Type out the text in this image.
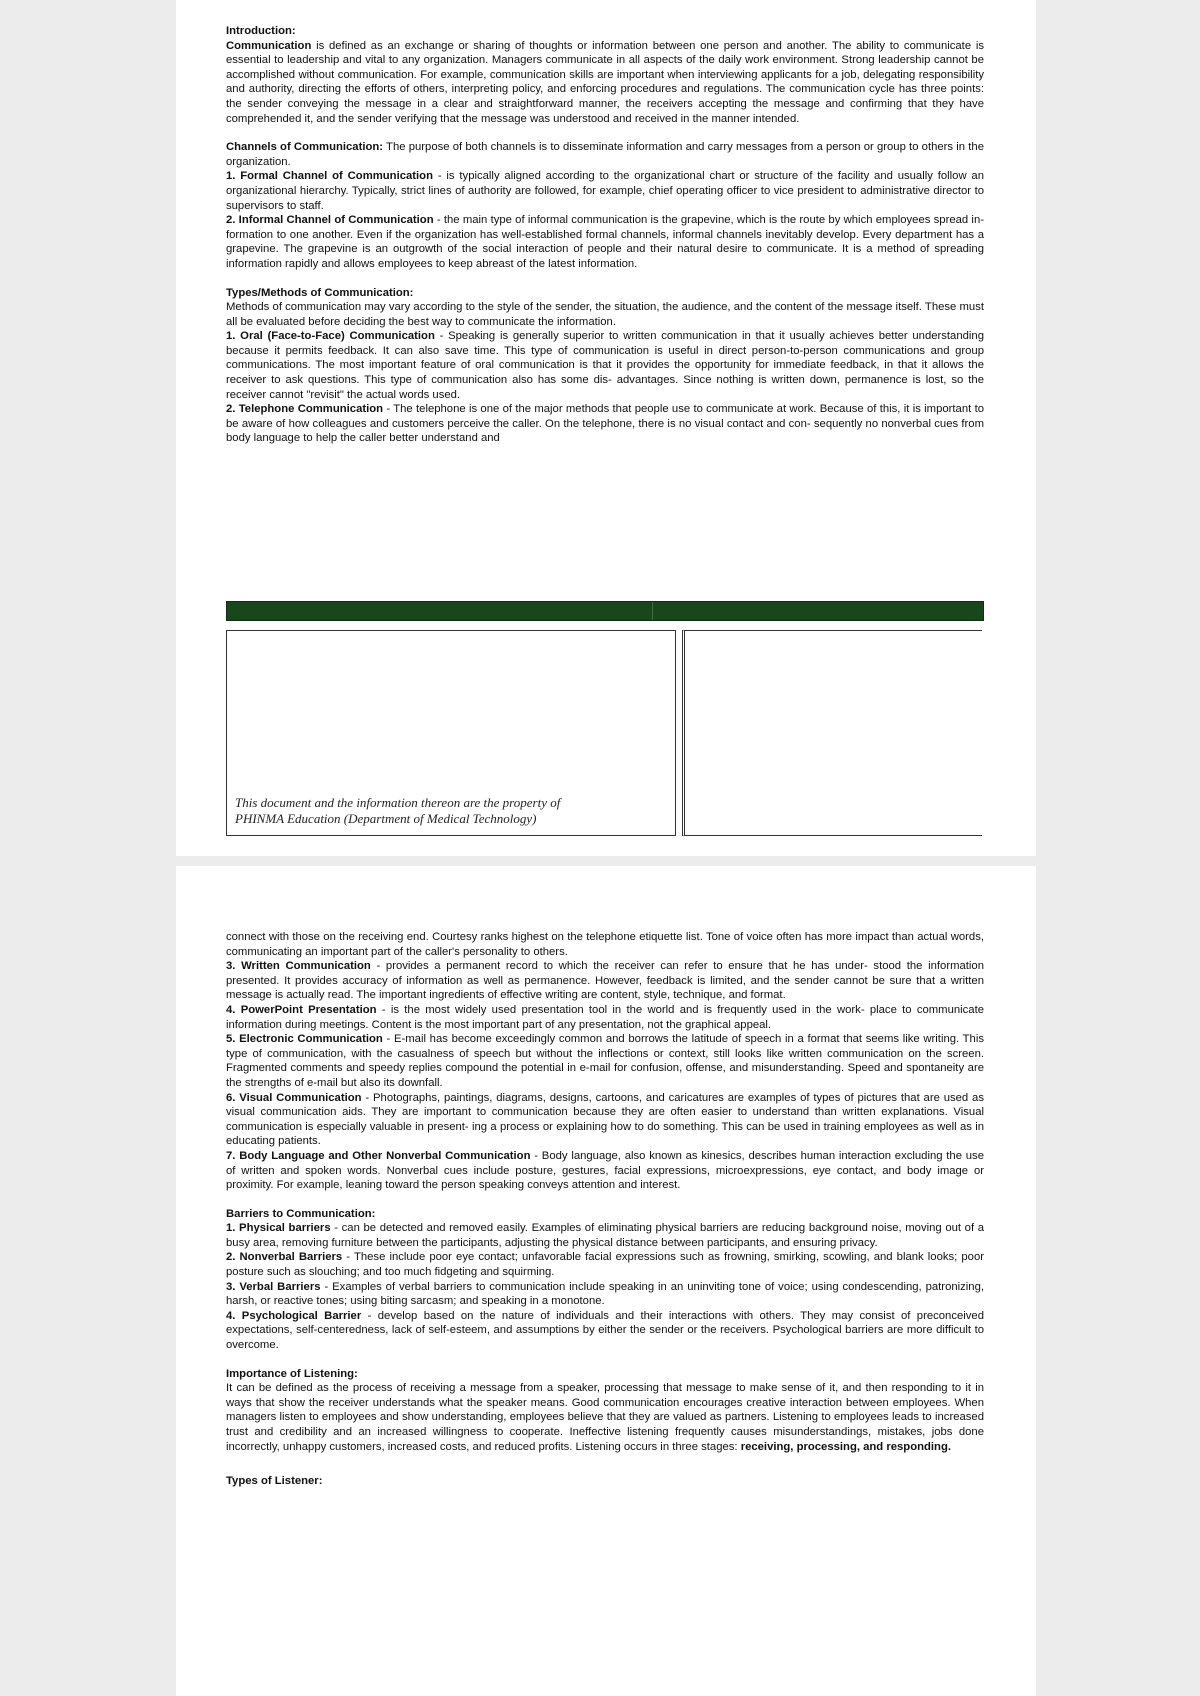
Introduction:

Communication is defined as an exchange or sharing of thoughts or information between one person and another. The ability to communicate is essential to leadership and vital to any organization. Managers communicate in all aspects of the daily work environment. Strong leadership cannot be accomplished without communication. For example, communication skills are important when interviewing applicants for a job, delegating responsibility and authority, directing the efforts of others, interpreting policy, and enforcing procedures and regulations. The communication cycle has three points: the sender conveying the message in a clear and straightforward manner, the receivers accepting the message and confirming that they have comprehended it, and the sender verifying that the message was understood and received in the manner intended.

Channels of Communication: The purpose of both channels is to disseminate information and carry messages from a person or group to others in the organization.

1. Formal Channel of Communication - is typically aligned according to the organizational chart or structure of the facility and usually follow an organizational hierarchy. Typically, strict lines of authority are followed, for example, chief operating officer to vice president to administrative director to supervisors to staff.

2. Informal Channel of Communication - the main type of informal communication is the grapevine, which is the route by which employees spread in- formation to one another. Even if the organization has well-established formal channels, informal channels inevitably develop. Every department has a grapevine. The grapevine is an outgrowth of the social interaction of people and their natural desire to communicate. It is a method of spreading information rapidly and allows employees to keep abreast of the latest information.

Types/Methods of Communication:

Methods of communication may vary according to the style of the sender, the situation, the audience, and the content of the message itself. These must all be evaluated before deciding the best way to communicate the information.

1. Oral (Face-to-Face) Communication - Speaking is generally superior to written communication in that it usually achieves better understanding because it permits feedback. It can also save time. This type of communication is useful in direct person-to-person communications and group communications. The most important feature of oral communication is that it provides the opportunity for immediate feedback, in that it allows the receiver to ask questions. This type of communication also has some dis- advantages. Since nothing is written down, permanence is lost, so the receiver cannot "revisit" the actual words used.

2. Telephone Communication - The telephone is one of the major methods that people use to communicate at work. Because of this, it is important to be aware of how colleagues and customers perceive the caller. On the telephone, there is no visual contact and con- sequently no nonverbal cues from body language to help the caller better understand and

This document and the information thereon are the property of
PHINMA Education (Department of Medical Technology)

connect with those on the receiving end. Courtesy ranks highest on the telephone etiquette list. Tone of voice often has more impact than actual words, communicating an important part of the caller's personality to others.

3. Written Communication - provides a permanent record to which the receiver can refer to ensure that he has under- stood the information presented. It provides accuracy of information as well as permanence. However, feedback is limited, and the sender cannot be sure that a written message is actually read. The important ingredients of effective writing are content, style, technique, and format.

4. PowerPoint Presentation - is the most widely used presentation tool in the world and is frequently used in the work- place to communicate information during meetings. Content is the most important part of any presentation, not the graphical appeal.

5. Electronic Communication - E-mail has become exceedingly common and borrows the latitude of speech in a format that seems like writing. This type of communication, with the casualness of speech but without the inflections or context, still looks like written communication on the screen. Fragmented comments and speedy replies compound the potential in e-mail for confusion, offense, and misunderstanding. Speed and spontaneity are the strengths of e-mail but also its downfall.

6. Visual Communication - Photographs, paintings, diagrams, designs, cartoons, and caricatures are examples of types of pictures that are used as visual communication aids. They are important to communication because they are often easier to understand than written explanations. Visual communication is especially valuable in present- ing a process or explaining how to do something. This can be used in training employees as well as in educating patients.

7. Body Language and Other Nonverbal Communication - Body language, also known as kinesics, describes human interaction excluding the use of written and spoken words. Nonverbal cues include posture, gestures, facial expressions, microexpressions, eye contact, and body image or proximity. For example, leaning toward the person speaking conveys attention and interest.

Barriers to Communication:

1. Physical barriers - can be detected and removed easily. Examples of eliminating physical barriers are reducing background noise, moving out of a busy area, removing furniture between the participants, adjusting the physical distance between participants, and ensuring privacy.

2. Nonverbal Barriers - These include poor eye contact; unfavorable facial expressions such as frowning, smirking, scowling, and blank looks; poor posture such as slouching; and too much fidgeting and squirming.

3. Verbal Barriers - Examples of verbal barriers to communication include speaking in an uninviting tone of voice; using condescending, patronizing, harsh, or reactive tones; using biting sarcasm; and speaking in a monotone.

4. Psychological Barrier - develop based on the nature of individuals and their interactions with others. They may consist of preconceived expectations, self-centeredness, lack of self-esteem, and assumptions by either the sender or the receivers. Psychological barriers are more difficult to overcome.

Importance of Listening:

It can be defined as the process of receiving a message from a speaker, processing that message to make sense of it, and then responding to it in ways that show the receiver understands what the speaker means. Good communication encourages creative interaction between employees. When managers listen to employees and show understanding, employees believe that they are valued as partners. Listening to employees leads to increased trust and credibility and an increased willingness to cooperate. Ineffective listening frequently causes misunderstandings, mistakes, jobs done incorrectly, unhappy customers, increased costs, and reduced profits. Listening occurs in three stages: receiving, processing, and responding.

Types of Listener:
